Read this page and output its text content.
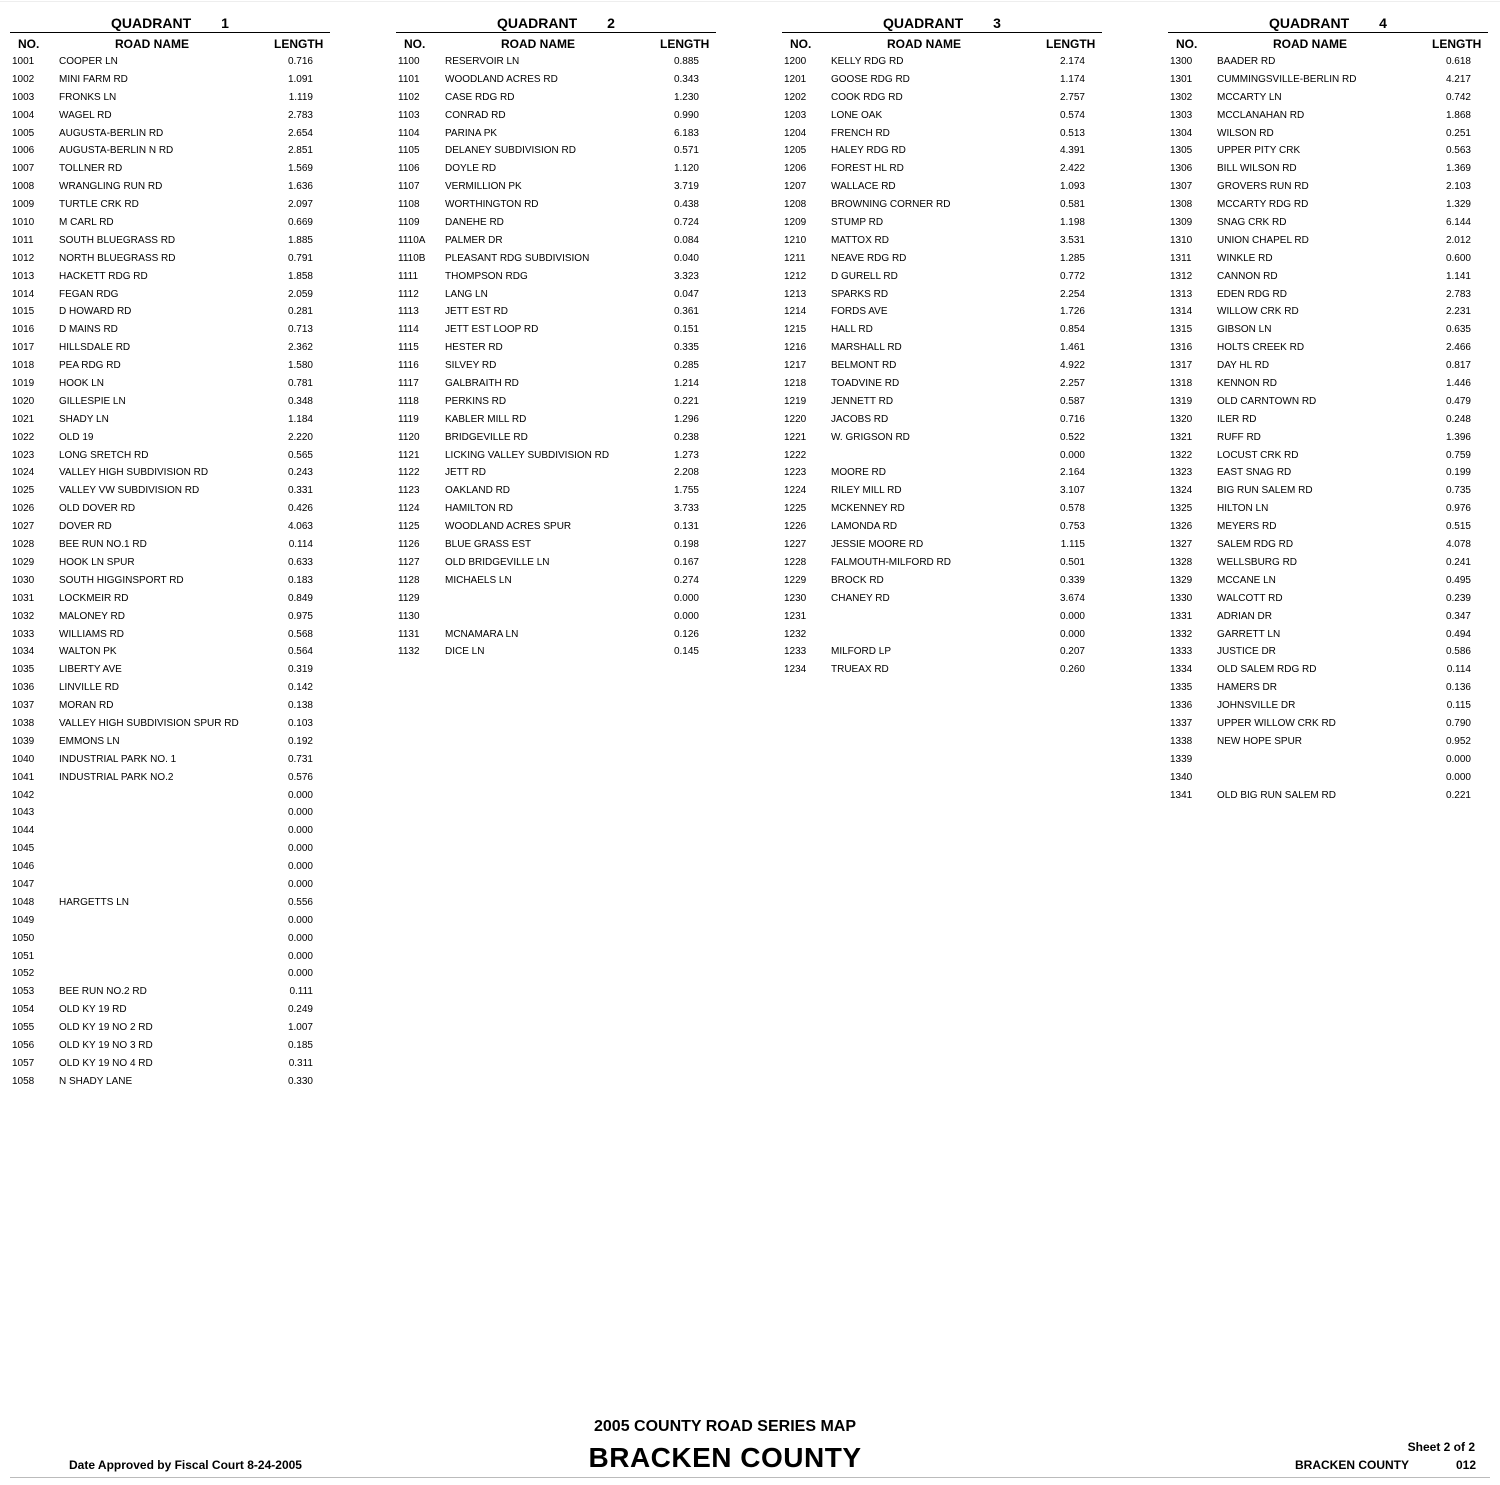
QUADRANT 1
NO.	ROAD NAME	LENGTH
1001 COOPER LN	0.716
1002 MINI FARM RD	1.091
1003 FRONKS LN	1.119
1004 WAGEL RD	2.783
1005 AUGUSTA-BERLIN RD	2.654
1006 AUGUSTA-BERLIN N RD	2.851
1007 TOLLNER RD	1.569
1008 WRANGLING RUN RD	1.636
1009 TURTLE CRK RD	2.097
1010 M CARL RD	0.669
1011	SOUTH BLUEGRASS RD	1.885
1012 NORTH BLUEGRASS RD	0.791
1013 HACKETT RDG RD	1.858
1014 FEGAN RDG	2.059
1015 D HOWARD RD	0.281
1016 D MAINS RD	0.713
1017 HILLSDALE RD	2.362
1018 PEA RDG RD	1.580
1019 HOOK LN	0.781
1020 GILLESPIE LN	0.348
1021 SHADY LN	1.184
1022 OLD 19	2.220
1023 LONG SRETCH RD	0.565
1024 VALLEY HIGH SUBDIVISION RD	0.243
1025 VALLEY VW SUBDIVISION RD	0.331
1026 OLD DOVER RD	0.426
1027 DOVER RD	4.063
1028 BEE RUN NO.1 RD	0.114
1029 HOOK LN SPUR	0.633
1030 SOUTH HIGGINSPORT RD	0.183
1031 LOCKMEIR RD	0.849
1032 MALONEY RD	0.975
1033 WILLIAMS RD	0.568
1034 WALTON PK	0.564
1035 LIBERTY AVE	0.319
1036 LINVILLE RD	0.142
1037 MORAN RD	0.138
1038 VALLEY HIGH SUBDIVISION SPUR RD	0.103
1039 EMMONS LN	0.192
1040 INDUSTRIAL PARK NO. 1	0.731
1041 INDUSTRIAL PARK NO.2	0.576
1042	0.000
1043	0.000
1044	0.000
1045	0.000
1046	0.000
1047	0.000
1048 HARGETTS LN	0.556
1049	0.000
1050	0.000
1051	0.000
1052	0.000
1053 BEE RUN NO.2 RD	0.111
1054 OLD KY 19 RD	0.249
1055 OLD KY 19 NO 2 RD	1.007
1056 OLD KY 19 NO 3 RD	0.185
1057 OLD KY 19 NO 4 RD	0.311
1058 N SHADY LANE	0.330
QUADRANT 2
NO.	ROAD NAME	LENGTH
1100	RESERVOIR LN	0.885
1101	WOODLAND ACRES RD	0.343
1102	CASE RDG RD	1.230
1103	CONRAD RD	0.990
1104	PARINA PK	6.183
1105	DELANEY SUBDIVISION RD	0.571
1106	DOYLE RD	1.120
1107	VERMILLION PK	3.719
1108	WORTHINGTON RD	0.438
1109	DANEHE RD	0.724
1110A PALMER DR	0.084
1110B PLEASANT RDG SUBDIVISION	0.040
1111	THOMPSON RDG	3.323
1112	LANG LN	0.047
1113	JETT EST RD	0.361
1114	JETT EST LOOP RD	0.151
1115	HESTER RD	0.335
1116	SILVEY RD	0.285
1117	GALBRAITH RD	1.214
1118	PERKINS RD	0.221
1119	KABLER MILL RD	1.296
1120	BRIDGEVILLE RD	0.238
1121	LICKING VALLEY SUBDIVISION RD	1.273
1122	JETT RD	2.208
1123	OAKLAND RD	1.755
1124	HAMILTON RD	3.733
1125	WOODLAND ACRES SPUR	0.131
1126	BLUE GRASS EST	0.198
1127	OLD BRIDGEVILLE LN	0.167
1128	MICHAELS LN	0.274
1129	0.000
1130	0.000
1131	MCNAMARA LN	0.126
1132	DICE LN	0.145
QUADRANT 3
NO.	ROAD NAME	LENGTH
1200 KELLY RDG RD	2.174
1201 GOOSE RDG RD	1.174
1202 COOK RDG RD	2.757
1203 LONE OAK	0.574
1204 FRENCH RD	0.513
1205 HALEY RDG RD	4.391
1206 FOREST HL RD	2.422
1207 WALLACE RD	1.093
1208 BROWNING CORNER RD	0.581
1209 STUMP RD	1.198
1210 MATTOX RD	3.531
1211	NEAVE RDG RD	1.285
1212 D GURELL RD	0.772
1213 SPARKS RD	2.254
1214 FORDS AVE	1.726
1215 HALL RD	0.854
1216 MARSHALL RD	1.461
1217 BELMONT RD	4.922
1218 TOADVINE RD	2.257
1219 JENNETT RD	0.587
1220 JACOBS RD	0.716
1221 W. GRIGSON RD	0.522
1222	0.000
1223 MOORE RD	2.164
1224 RILEY MILL RD	3.107
1225 MCKENNEY RD	0.578
1226 LAMONDA RD	0.753
1227 JESSIE MOORE RD	1.115
1228 FALMOUTH-MILFORD RD	0.501
1229 BROCK RD	0.339
1230 CHANEY RD	3.674
1231	0.000
1232	0.000
1233 MILFORD LP	0.207
1234 TRUEAX RD	0.260
QUADRANT 4
NO.	ROAD NAME	LENGTH
1300 BAADER RD	0.618
1301 CUMMINGSVILLE-BERLIN RD	4.217
1302 MCCARTY LN	0.742
1303 MCCLANAHAN RD	1.868
1304 WILSON RD	0.251
1305 UPPER PITY CRK	0.563
1306 BILL WILSON RD	1.369
1307 GROVERS RUN RD	2.103
1308 MCCARTY RDG RD	1.329
1309 SNAG CRK RD	6.144
1310 UNION CHAPEL RD	2.012
1311	WINKLE RD	0.600
1312 CANNON RD	1.141
1313 EDEN RDG RD	2.783
1314 WILLOW CRK RD	2.231
1315 GIBSON LN	0.635
1316 HOLTS CREEK RD	2.466
1317 DAY HL RD	0.817
1318 KENNON RD	1.446
1319 OLD CARNTOWN RD	0.479
1320 ILER RD	0.248
1321 RUFF RD	1.396
1322 LOCUST CRK RD	0.759
1323 EAST SNAG RD	0.199
1324 BIG RUN SALEM RD	0.735
1325 HILTON LN	0.976
1326 MEYERS RD	0.515
1327 SALEM RDG RD	4.078
1328 WELLSBURG RD	0.241
1329 MCCANE LN	0.495
1330 WALCOTT RD	0.239
1331 ADRIAN DR	0.347
1332 GARRETT LN	0.494
1333 JUSTICE DR	0.586
1334 OLD SALEM RDG RD	0.114
1335 HAMERS DR	0.136
1336 JOHNSVILLE DR	0.115
1337 UPPER WILLOW CRK RD	0.790
1338 NEW HOPE SPUR	0.952
1339	0.000
1340	0.000
1341 OLD BIG RUN SALEM RD	0.221
2005 COUNTY ROAD SERIES MAP
BRACKEN COUNTY
Date Approved by Fiscal Court 8-24-2005
Sheet 2 of 2
BRACKEN COUNTY	012
